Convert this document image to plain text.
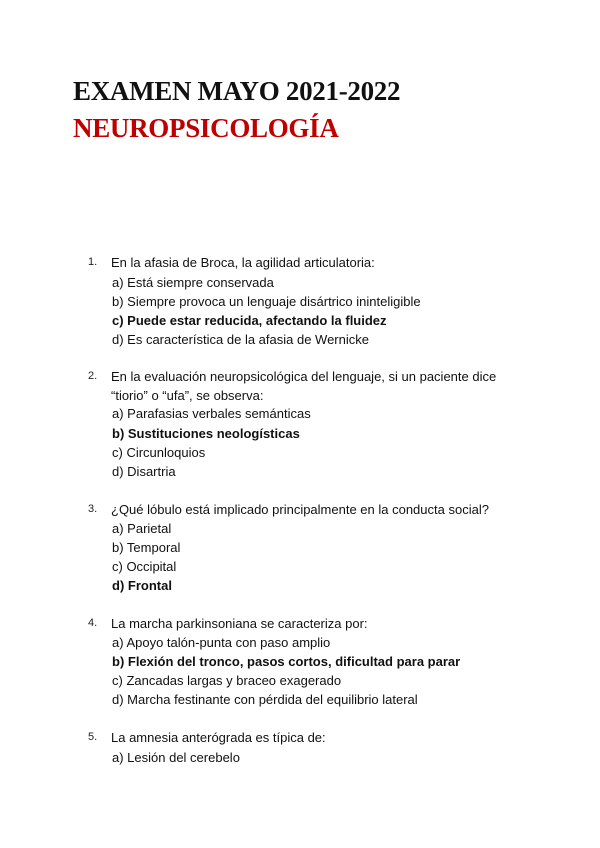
EXAMEN MAYO 2021-2022
NEUROPSICOLOGÍA
1. En la afasia de Broca, la agilidad articulatoria:
a) Está siempre conservada
b) Siempre provoca un lenguaje disártrico ininteligible
c) Puede estar reducida, afectando la fluidez
d) Es característica de la afasia de Wernicke
2. En la evaluación neuropsicológica del lenguaje, si un paciente dice
“tiorio” o “ufa”, se observa:
a) Parafasias verbales semánticas
b) Sustituciones neologísticas
c) Circunloquios
d) Disartria
3. ¿Qué lóbulo está implicado principalmente en la conducta social?
a) Parietal
b) Temporal
c) Occipital
d) Frontal
4. La marcha parkinsoniana se caracteriza por:
a) Apoyo talón-punta con paso amplio
b) Flexión del tronco, pasos cortos, dificultad para parar
c) Zancadas largas y braceo exagerado
d) Marcha festinante con pérdida del equilibrio lateral
5. La amnesia anterógrada es típica de:
a) Lesión del cerebelo
